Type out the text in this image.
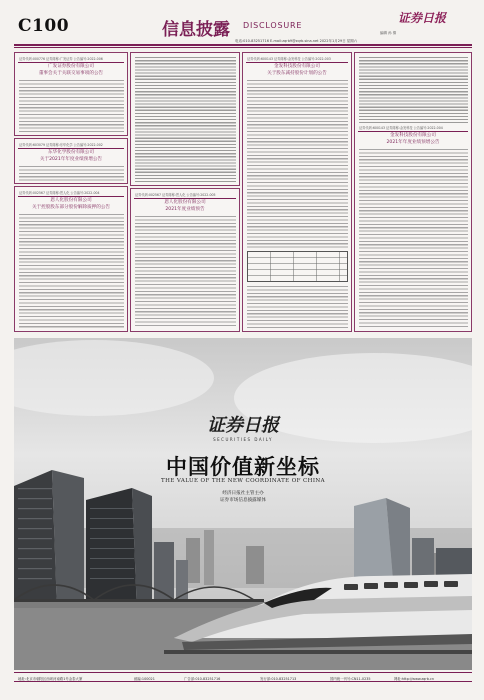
C100	信息披露 DISCLOSURE
证券日报
编辑 孙 倩
电话:010-83251716 E-mail:zqrb9@zqrb.sina.net 2022年1月29日 星期六
证券代码:000776 证券简称:广发证券 公告编号:2022-006
广发证券股份有限公司
董事会关于关联交易事项的公告
证券代码:603079 证券简称:东华化学 公告编号:2022-002
东华化学股份有限公司
关于2021年年度业绩预增公告
证券代码:002567 证券简称:恩人化 公告编号:2022-004
恩人化股份有限公司
关于控股股东部分股份解除质押的公告
证券代码:002567 证券简称:恩人化 公告编号:2022-005
恩人化股份有限公司
2021年度业绩预告
证券代码:600143 证券简称:金发科技 公告编号:2022-003
金发科技股份有限公司
关于股东减持股份计划的公告
证券代码:600143 证券简称:金发科技 公告编号:2022-004
金发科技股份有限公司
2021年年度业绩预增公告
证券日报
SECURITIES DAILY
中国价值新坐标
THE VALUE OF THE NEW COORDINATE OF CHINA
经济日报社主管主办
证券市场信息披露媒体
地址:北京市朝阳区西坝河南路1号金泰大厦	邮编:100021	广告部:010-83251716	发行部:010-83251713	国内统一刊号:CN11-0235	网址:http://www.zqrb.cn
